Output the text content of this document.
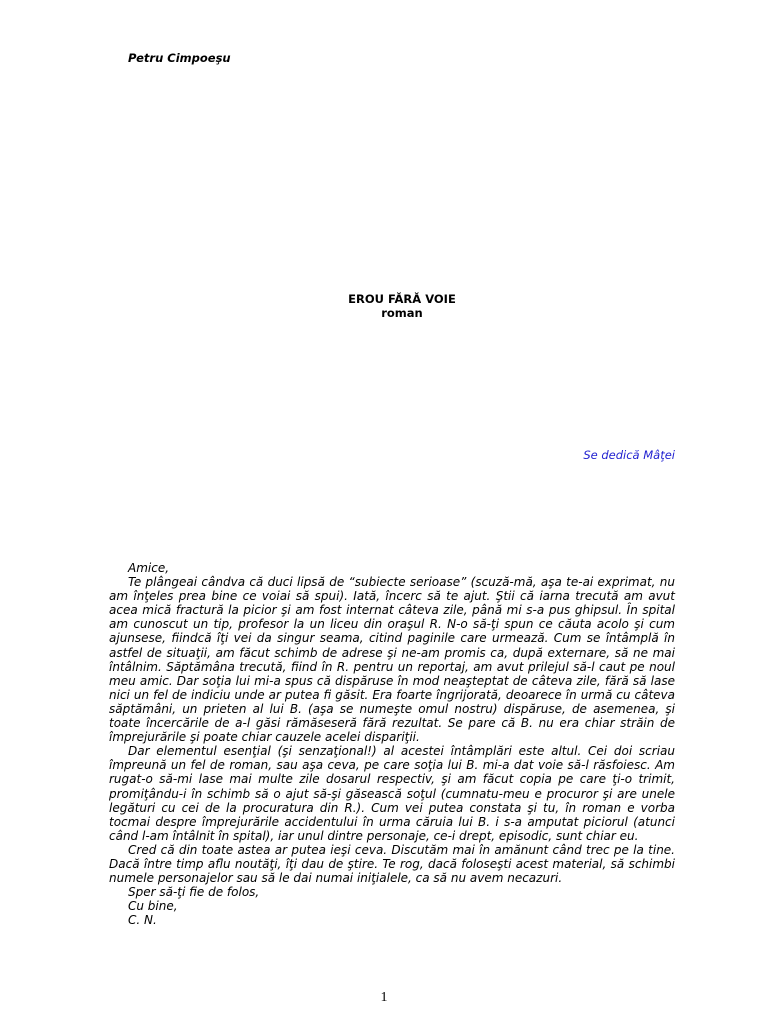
Petru Cimpoeşu
EROU FĂRĂ VOIE
roman
Se dedică Mâţei

Amice,

Te plângeai cândva că duci lipsă de “subiecte serioase” (scuză-mă, aşa te-ai exprimat, nu am înţeles prea bine ce voiai să spui). Iată, încerc să te ajut. Ştii că iarna trecută am avut acea mică fractură la picior şi am fost internat câteva zile, până mi s-a pus ghipsul. În spital am cunoscut un tip, profesor la un liceu din oraşul R. N-o să-ţi spun ce căuta acolo şi cum ajunsese, fiindcă îţi vei da singur seama, citind paginile care urmează. Cum se întâmplă în astfel de situaţii, am făcut schimb de adrese şi ne-am promis ca, după externare, să ne mai întâlnim. Săptămâna trecută, fiind în R. pentru un reportaj, am avut prilejul să-l caut pe noul meu amic. Dar soţia lui mi-a spus că dispăruse în mod neaşteptat de câteva zile, fără să lase nici un fel de indiciu unde ar putea fi găsit. Era foarte îngrijorată, deoarece în urmă cu câteva săptămâni, un prieten al lui B. (aşa se numeşte omul nostru) dispăruse, de asemenea, şi toate încercările de a-l găsi rămăseseră fără rezultat. Se pare că B. nu era chiar străin de împrejurările şi poate chiar cauzele acelei dispariţii.

Dar elementul esenţial (şi senzaţional!) al acestei întâmplări este altul. Cei doi scriau împreună un fel de roman, sau aşa ceva, pe care soţia lui B. mi-a dat voie să-l răsfoiesc. Am rugat-o să-mi lase mai multe zile dosarul respectiv, şi am făcut copia pe care ţi-o trimit, promiţându-i în schimb să o ajut să-şi găsească soţul (cumnatu-meu e procuror şi are unele legături cu cei de la procuratura din R.). Cum vei putea constata şi tu, în roman e vorba tocmai despre împrejurările accidentului în urma căruia lui B. i s-a amputat piciorul (atunci când l-am întâlnit în spital), iar unul dintre personaje, ce-i drept, episodic, sunt chiar eu.

Cred că din toate astea ar putea ieşi ceva. Discutăm mai în amănunt când trec pe la tine. Dacă între timp aflu noutăţi, îţi dau de ştire. Te rog, dacă foloseşti acest material, să schimbi numele personajelor sau să le dai numai iniţialele, ca să nu avem necazuri.

Sper să-ţi fie de folos,

Cu bine,

C. N.

1
